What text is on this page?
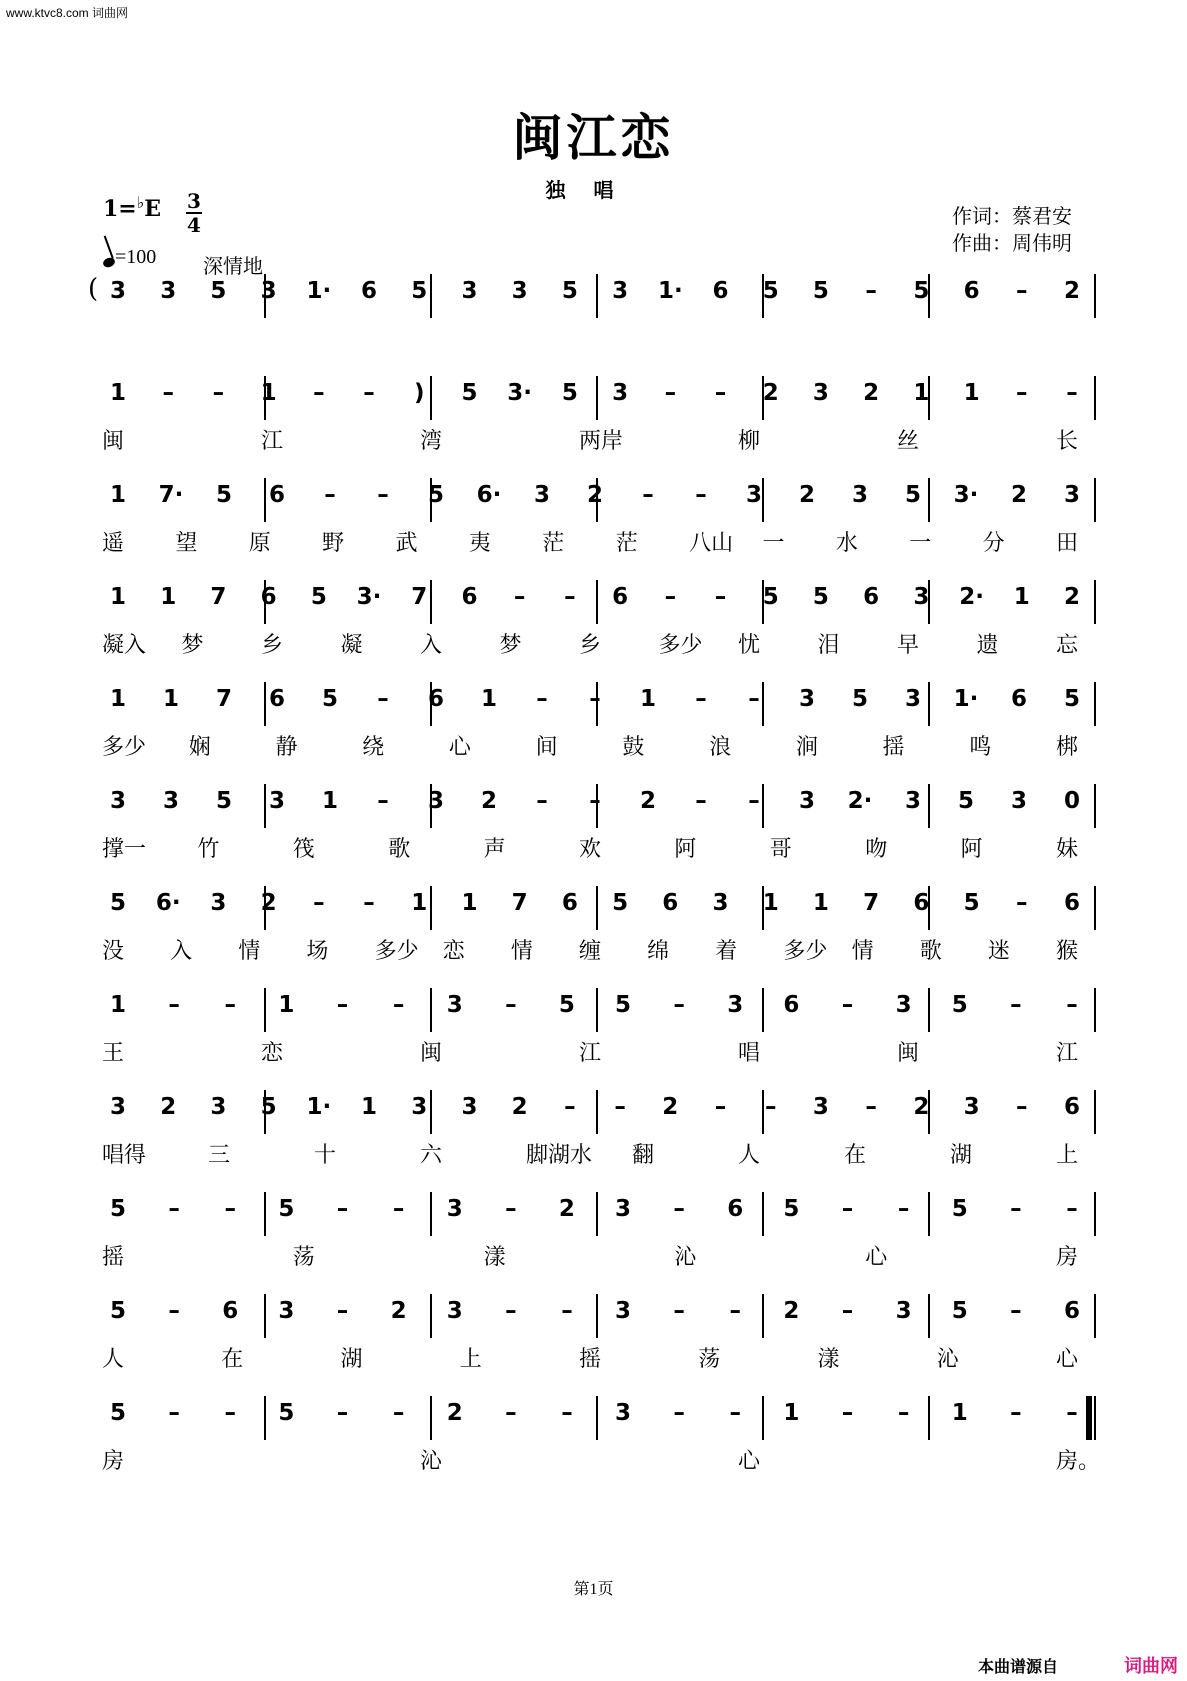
www.ktvc8.com 词曲网
闽江恋
独唱
1=♭E 3
4
=100 深情地
作词：蔡君安
作曲：周伟明
( 3 3 5 3 1· 6 5 3 3 5 3 1· 6 5 5	–	5 6	–	2
1	–	–	1	–	–	)	5 3· 5 3	–	–	2 3 2 1 1	–	–
闽	江	湾	两岸	柳	丝	长
1 7· 5 6	–	–	5 6· 3 2	–	–	3 2 3 5 3· 2 3
遥 望 原 野 武 夷 茫 茫 八山 一 水 一 分 田
1 1 7 6 5 3· 7 6	–	–	6	–	–	5 5 6 3 2· 1 2
凝入 梦	乡	凝	入	梦	乡	多少 忧	泪	早	遗	忘
1 1 7 6 5	–	6 1	–	–	1	–	–	3 5 3 1· 6 5
多少 娴	静	绕	心	间	鼓	浪	涧	揺	鸣	梆
3 3 5 3 1	–	3 2	–	–	2	–	–	3 2· 3 5 3 0
撑一 竹	筏	歌	声	欢	阿	哥	吻	阿	妹
5 6· 3 2	–	–	1 1 7 6 5 6 3 1 1 7 6 5	–	6
没 入 情 场 多少 恋 情 缠 绵 着 多少 情 歌 迷 猴
1	–	–	1	–	–	3	–	5 5	–	3 6	–	3 5	–	–
王	恋	闽	江	唱	闽	江
3 2 3 5 1· 1 3 3 2	–	–	2	–	–	3	–	2 3	–	6
唱得	三	十	六	脚湖水 翻	人	在	湖	上
5	–	–	5	–	–	3	–	2 3	–	6 5	–	–	5	–	–
摇	荡	漾	沁	心	房
5	–	6 3	–	2 3	–	–	3	–	–	2	–	3 5	–	6
人	在	湖	上	摇	荡	漾	沁	心
5	–	–	5	–	–	2	–	–	3	–	–	1	–	–	1	–	–
房	沁	心	房。
第1页
本曲谱源自	词曲网
